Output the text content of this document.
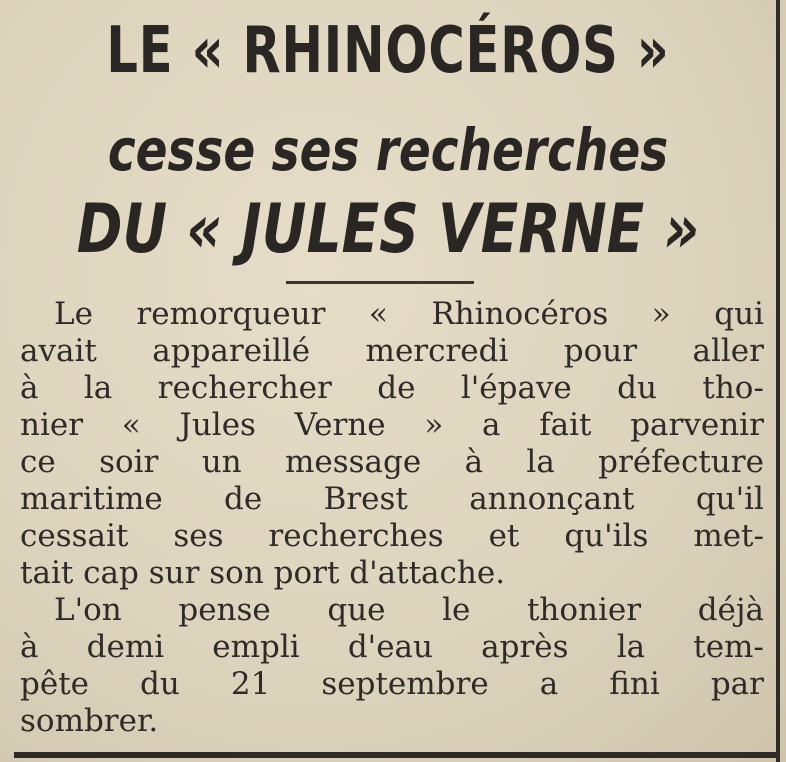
LE « RHINOCÉROS »
cesse ses recherches
DU « JULES VERNE »
Le remorqueur « Rhinocéros » qui
avait appareillé mercredi pour aller
à la rechercher de l'épave du tho-
nier « Jules Verne » a fait parvenir
ce soir un message à la préfecture
maritime de Brest annonçant qu'il
cessait ses recherches et qu'ils met-
tait cap sur son port d'attache.
L'on pense que le thonier déjà
à demi empli d'eau après la tem-
pête du 21 septembre a fini par
sombrer.
